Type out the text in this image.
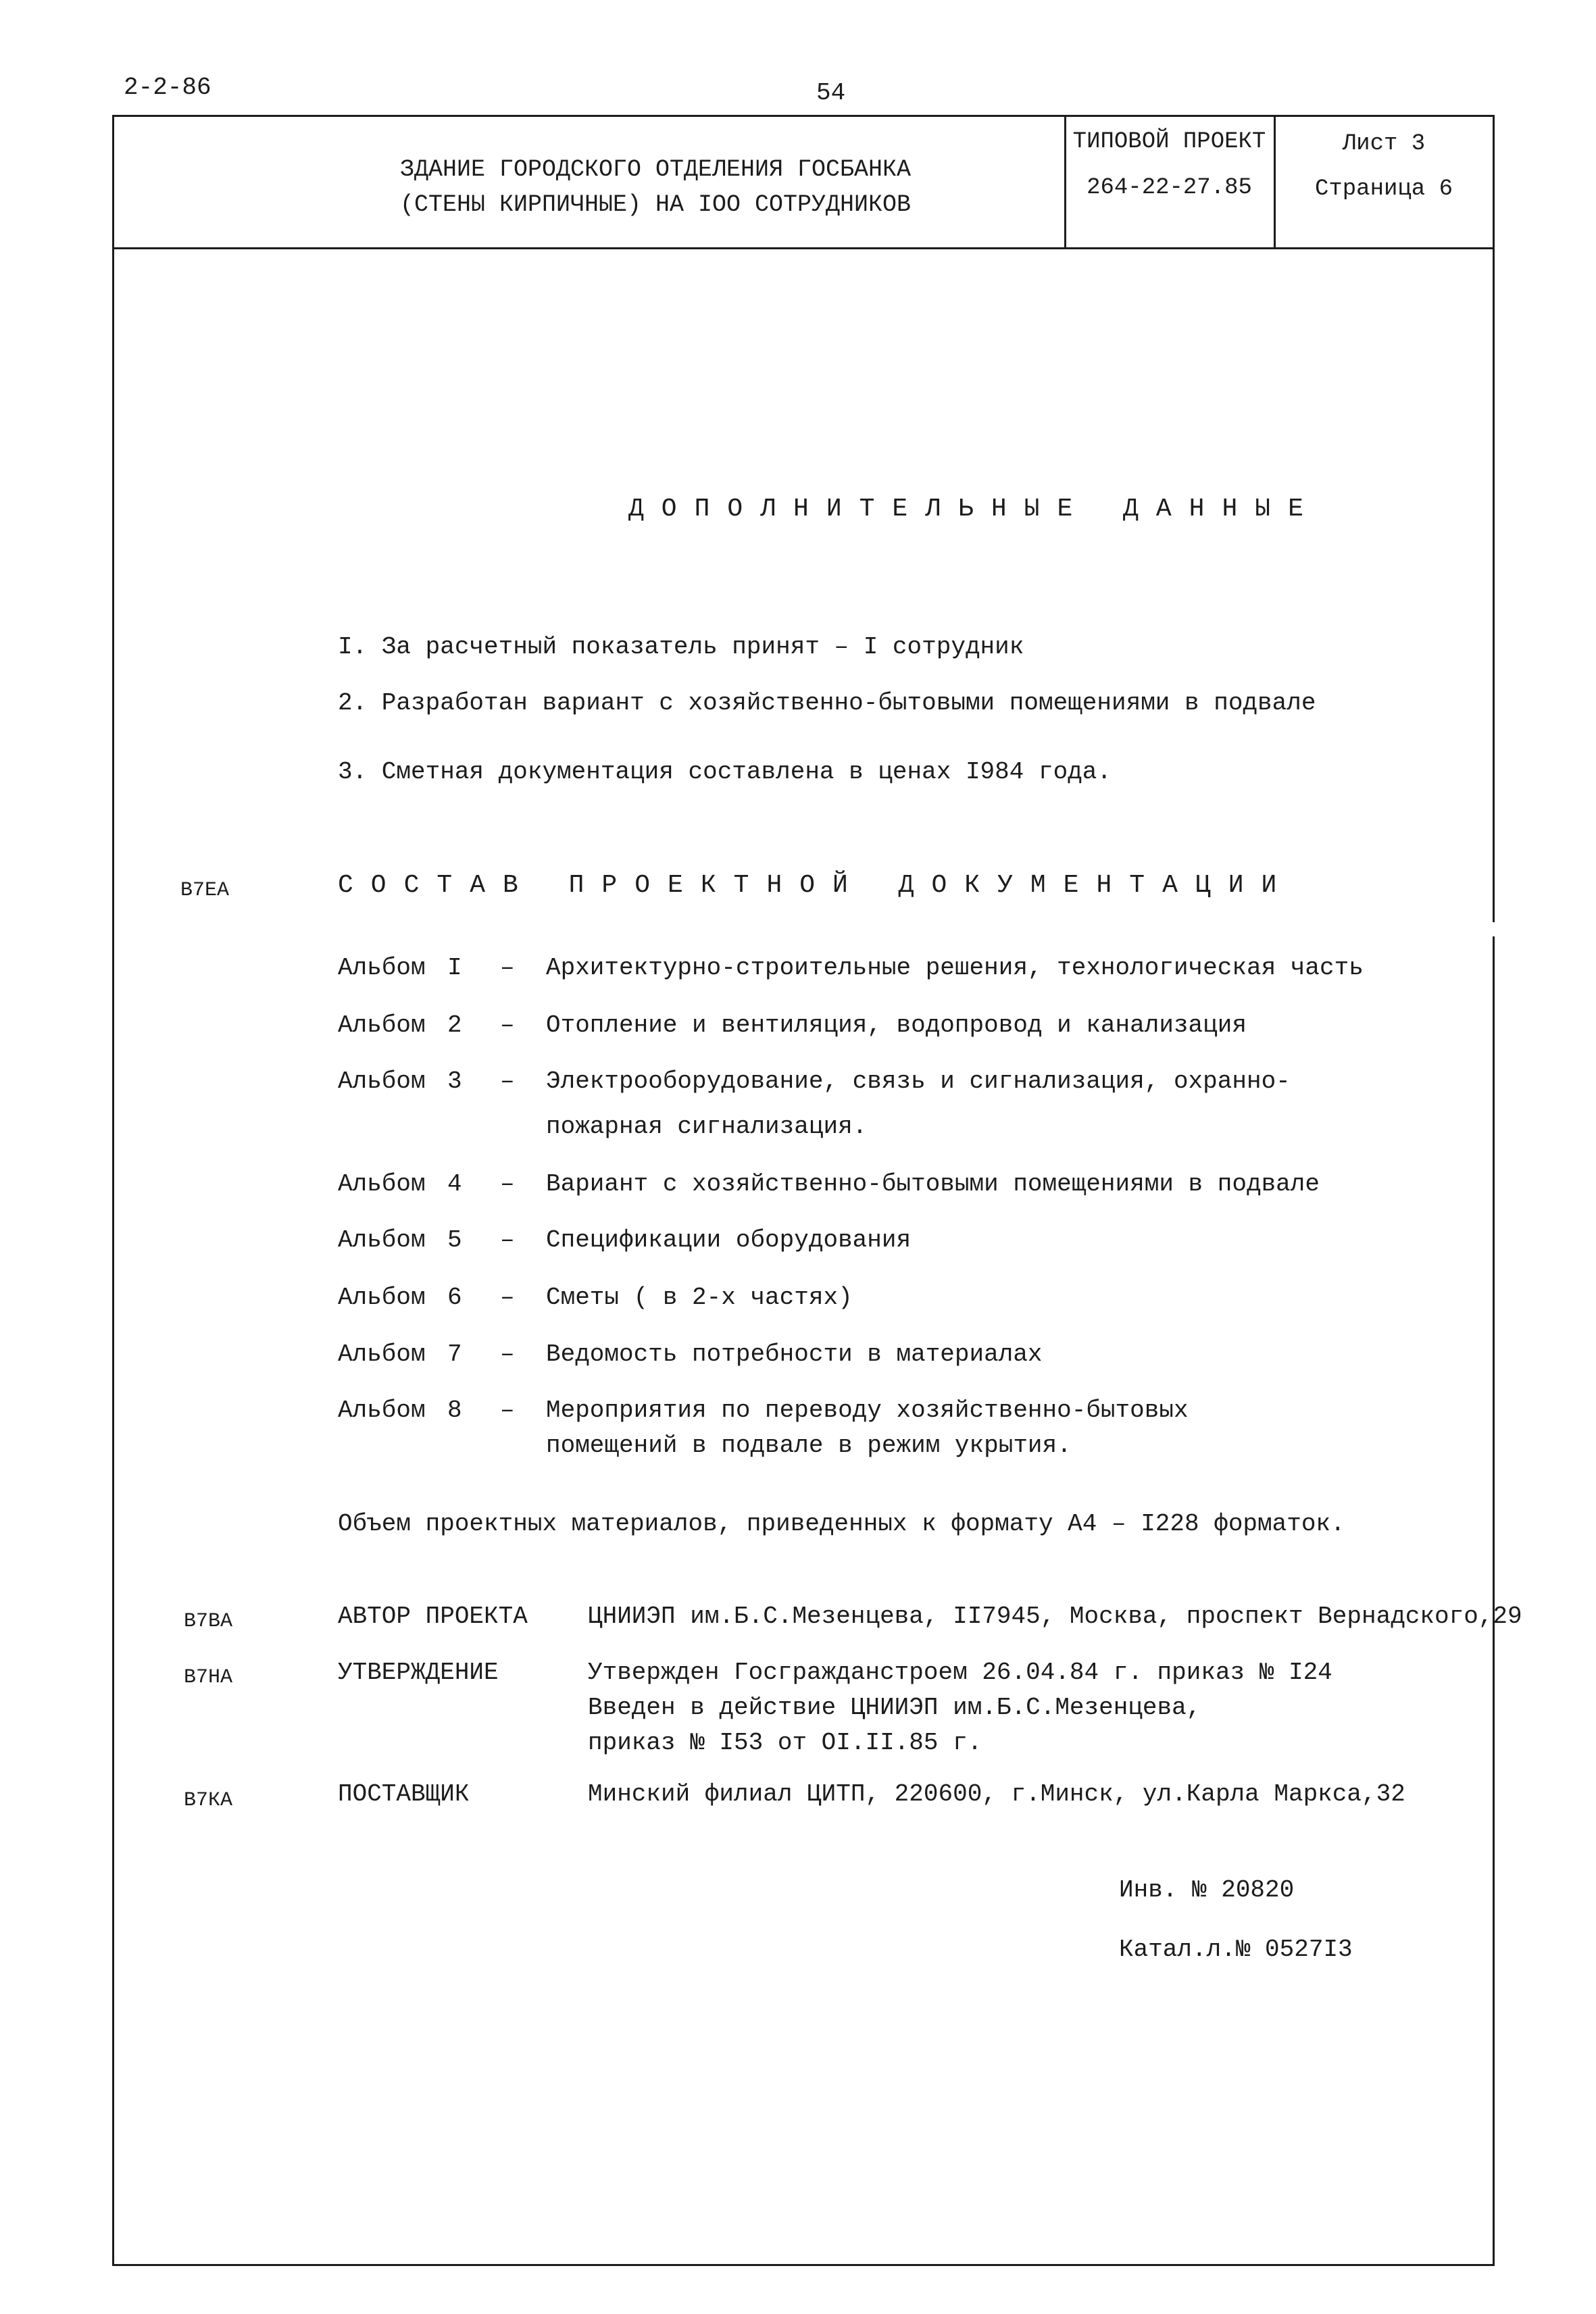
2-2-86	54
ЗДАНИЕ ГОРОДСКОГО ОТДЕЛЕНИЯ ГОСБАНКА
(СТЕНЫ КИРПИЧНЫЕ) НА IOO СОТРУДНИКОВ
ТИПОВОЙ ПРОЕКТ
264-22-27.85
Лист 3
Страница 6
ДОПОЛНИТЕЛЬНЫЕ ДАННЫЕ
I. За расчетный показатель принят – I сотрудник
2. Разработан вариант с хозяйственно-бытовыми помещениями в подвале
3. Сметная документация составлена в ценах I984 года.
В7ЕА	СОСТАВ ПРОЕКТНОЙ ДОКУМЕНТАЦИИ
Альбом I – Архитектурно-строительные решения, технологическая часть
Альбом 2 – Отопление и вентиляция, водопровод и канализация
Альбом 3 – Электрооборудование, связь и сигнализация, охранно-
пожарная сигнализация.
Альбом 4 – Вариант с хозяйственно-бытовыми помещениями в подвале
Альбом 5 – Спецификации оборудования
Альбом 6 – Сметы ( в 2-х частях)
Альбом 7 – Ведомость потребности в материалах
Альбом 8 – Мероприятия по переводу хозяйственно-бытовых
помещений в подвале в режим укрытия.
Объем проектных материалов, приведенных к формату А4 – I228 форматок.
В7ВА	АВТОР ПРОЕКТА ЦНИИЭП им.Б.С.Мезенцева, II7945, Москва, проспект Вернадского,29
В7НА	УТВЕРЖДЕНИЕ	Утвержден Госгражданстроем 26.04.84 г. приказ № I24
Введен в действие ЦНИИЭП им.Б.С.Мезенцева,
приказ № I53 от OI.II.85 г.
В7КА	ПОСТАВЩИК	Минский филиал ЦИТП, 220600, г.Минск, ул.Карла Маркса,32
Инв. № 20820
Катал.л.№ 0527I3
